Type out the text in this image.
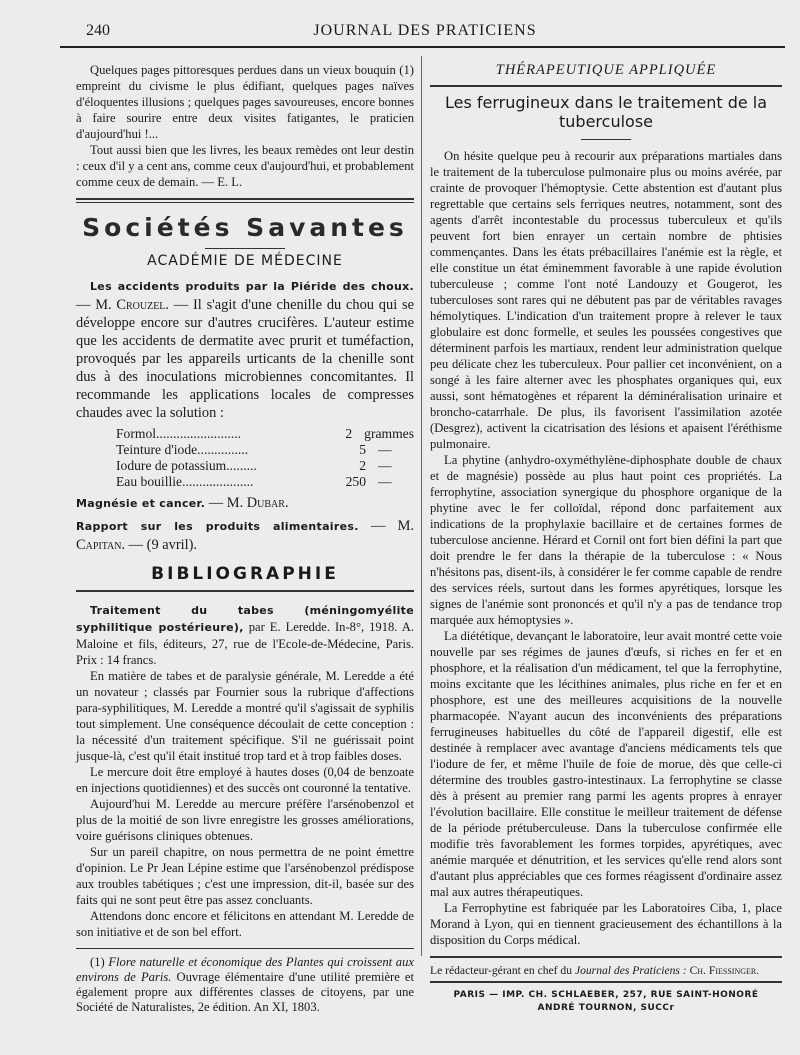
240	JOURNAL DES PRATICIENS

Quelques pages pittoresques perdues dans un vieux bouquin (1) empreint du civisme le plus édifiant, quelques pages naïves d'éloquentes illusions ; quelques pages savoureuses, encore bonnes à faire sourire entre deux visites fatigantes, le praticien d'aujourd'hui !...

Tout aussi bien que les livres, les beaux remèdes ont leur destin : ceux d'il y a cent ans, comme ceux d'aujourd'hui, et probablement comme ceux de demain. — E. L.

Sociétés Savantes
ACADÉMIE DE MÉDECINE

Les accidents produits par la Piéride des choux. — M. Crouzel. — Il s'agit d'une chenille du chou qui se développe encore sur d'autres crucifères. L'auteur estime que les accidents de dermatite avec prurit et tuméfaction, provoqués par les appareils urticants de la chenille sont dus à des inoculations microbiennes concomitantes. Il recommande les applications locales de compresses chaudes avec la solution :

Formol.........................	2 grammes
Teinture d'iode...............	5 —
Iodure de potassium.........	2 —
Eau bouillie.....................	250 —

Magnésie et cancer. — M. Dubar.

Rapport sur les produits alimentaires. — M. Capitan. — (9 avril).

BIBLIOGRAPHIE

Traitement du tabes (méningomyélite syphilitique postérieure), par E. Leredde. In-8°, 1918. A. Maloine et fils, éditeurs, 27, rue de l'Ecole-de-Médecine, Paris. Prix : 14 francs.

En matière de tabes et de paralysie générale, M. Leredde a été un novateur ; classés par Fournier sous la rubrique d'affections para-syphilitiques, M. Leredde a montré qu'il s'agissait de syphilis tout simplement. Une conséquence découlait de cette conception : la nécessité d'un traitement spécifique. S'il ne guérissait point jusque-là, c'est qu'il était institué trop tard et à trop faibles doses.

Le mercure doit être employé à hautes doses (0,04 de benzoate en injections quotidiennes) et des succès ont couronné la tentative.

Aujourd'hui M. Leredde au mercure préfère l'arsénobenzol et plus de la moitié de son livre enregistre les grosses améliorations, voire guérisons cliniques obtenues.

Sur un pareil chapitre, on nous permettra de ne point émettre d'opinion. Le Pr Jean Lépine estime que l'arsénobenzol prédispose aux troubles tabétiques ; c'est une impression, dit-il, basée sur des faits qui ne sont peut être pas assez concluants.

Attendons donc encore et félicitons en attendant M. Leredde de son initiative et de son bel effort.

(1) Flore naturelle et économique des Plantes qui croissent aux environs de Paris. Ouvrage élémentaire d'une utilité première et également propre aux différentes classes de citoyens, par une Société de Naturalistes, 2e édition. An XI, 1803.

THÉRAPEUTIQUE APPLIQUÉE
Les ferrugineux dans le traitement de la tuberculose

On hésite quelque peu à recourir aux préparations martiales dans le traitement de la tuberculose pulmonaire plus ou moins avérée, par crainte de provoquer l'hémoptysie. Cette abstention est d'autant plus regrettable que certains sels ferriques neutres, notamment, sont des agents d'arrêt incontestable du processus tuberculeux et qu'ils peuvent fort bien enrayer un certain nombre de phtisies commençantes. Dans les états prébacillaires l'anémie est la règle, et elle constitue un état éminemment favorable à une rapide évolution tuberculeuse ; comme l'ont noté Landouzy et Gougerot, les tuberculoses sont rares qui ne débutent pas par de véritables ravages hémolytiques. L'indication d'un traitement propre à relever le taux globulaire est donc formelle, et seules les poussées congestives que déterminent parfois les martiaux, rendent leur administration quelque peu délicate chez les tuberculeux. Pour pallier cet inconvénient, on a songé à les faire alterner avec les phosphates organiques qui, eux aussi, sont hématogènes et réparent la déminéralisation urinaire et broncho-catarrhale. De plus, ils favorisent l'assimilation azotée (Desgrez), activent la cicatrisation des lésions et apaisent l'éréthisme pulmonaire.

La phytine (anhydro-oxyméthylène-diphosphate double de chaux et de magnésie) possède au plus haut point ces propriétés. La ferrophytine, association synergique du phosphore organique de la phytine avec le fer colloïdal, répond donc parfaitement aux indications de la prophylaxie bacillaire et de certaines formes de tuberculose ancienne. Hérard et Cornil ont fort bien défini la part que doit prendre le fer dans la thérapie de la tuberculose : « Nous n'hésitons pas, disent-ils, à considérer le fer comme capable de rendre des services réels, surtout dans les formes apyrétiques, lorsque les signes de l'anémie sont prononcés et qu'il n'y a pas de tendance trop marquée aux hémoptysies ».

La diététique, devançant le laboratoire, leur avait montré cette voie nouvelle par ses régimes de jaunes d'œufs, si riches en fer et en phosphore, et la réalisation d'un médicament, tel que la ferrophytine, moins excitante que les lécithines animales, plus riche en fer et en phosphore, est une des meilleures acquisitions de la nouvelle pharmacopée. N'ayant aucun des inconvénients des préparations ferrugineuses habituelles du côté de l'appareil digestif, elle est destinée à remplacer avec avantage d'anciens médicaments tels que l'iodure de fer, et même l'huile de foie de morue, dès que celle-ci détermine des troubles gastro-intestinaux. La ferrophytine se classe dès à présent au premier rang parmi les agents propres à enrayer l'évolution bacillaire. Elle constitue le meilleur traitement de défense de la période prétuberculeuse. Dans la tuberculose confirmée elle modifie très favorablement les formes torpides, apyrétiques, avec anémie marquée et dénutrition, et les services qu'elle rend alors sont d'autant plus appréciables que ces formes réagissent d'ordinaire assez mal aux autres thérapeutiques.

La Ferrophytine est fabriquée par les Laboratoires Ciba, 1, place Morand à Lyon, qui en tiennent gracieusement des échantillons à la disposition du Corps médical.

Le rédacteur-gérant en chef du Journal des Praticiens : Ch. Fiessinger.
PARIS — IMP. CH. SCHLAEBER, 257, RUE SAINT-HONORÉ
ANDRÉ TOURNON, SUCCr
